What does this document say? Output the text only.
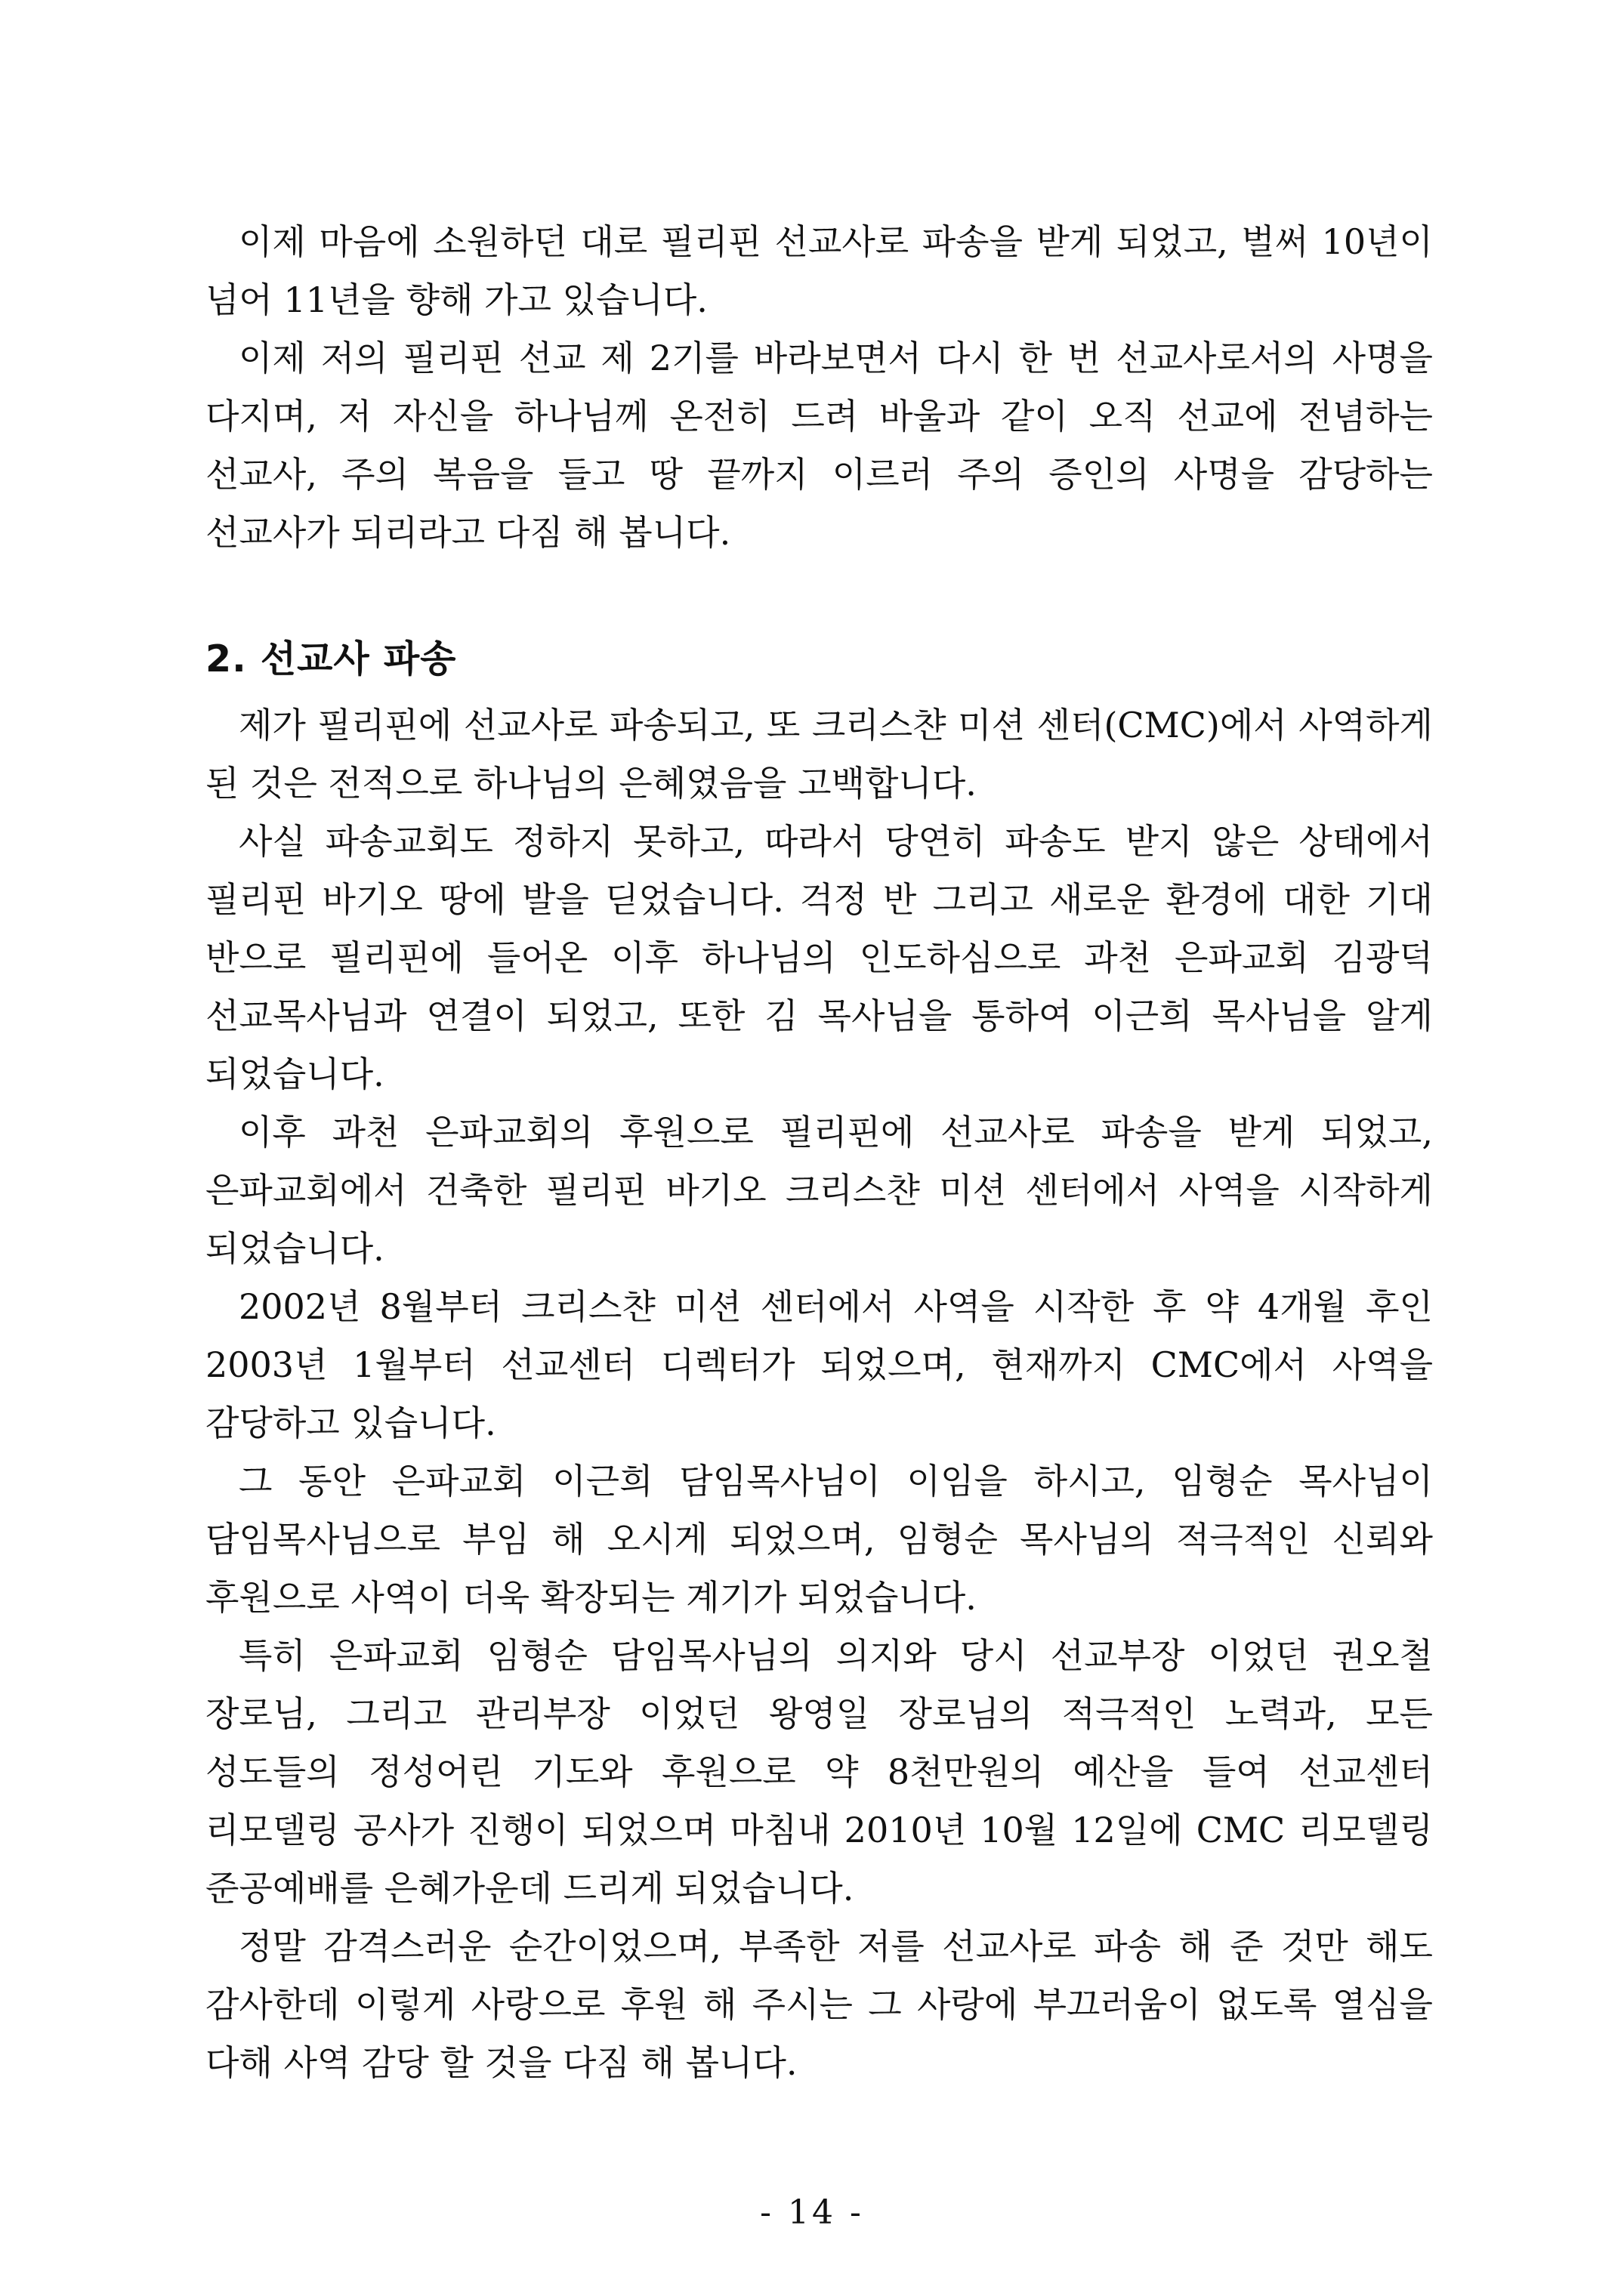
이제 마음에 소원하던 대로 필리핀 선교사로 파송을 받게 되었고, 벌써 10년이 넘어 11년을 향해 가고 있습니다.

이제 저의 필리핀 선교 제 2기를 바라보면서 다시 한 번 선교사로서의 사명을 다지며, 저 자신을 하나님께 온전히 드려 바울과 같이 오직 선교에 전념하는 선교사, 주의 복음을 들고 땅 끝까지 이르러 주의 증인의 사명을 감당하는 선교사가 되리라고 다짐 해 봅니다.

2. 선교사 파송

제가 필리핀에 선교사로 파송되고, 또 크리스챤 미션 센터(CMC)에서 사역하게 된 것은 전적으로 하나님의 은혜였음을 고백합니다.

사실 파송교회도 정하지 못하고, 따라서 당연히 파송도 받지 않은 상태에서 필리핀 바기오 땅에 발을 딛었습니다. 걱정 반 그리고 새로운 환경에 대한 기대 반으로 필리핀에 들어온 이후 하나님의 인도하심으로 과천 은파교회 김광덕 선교목사님과 연결이 되었고, 또한 김 목사님을 통하여 이근희 목사님을 알게 되었습니다.

이후 과천 은파교회의 후원으로 필리핀에 선교사로 파송을 받게 되었고, 은파교회에서 건축한 필리핀 바기오 크리스챤 미션 센터에서 사역을 시작하게 되었습니다.

2002년 8월부터 크리스챤 미션 센터에서 사역을 시작한 후 약 4개월 후인 2003년 1월부터 선교센터 디렉터가 되었으며, 현재까지 CMC에서 사역을 감당하고 있습니다.

그 동안 은파교회 이근희 담임목사님이 이임을 하시고, 임형순 목사님이 담임목사님으로 부임 해 오시게 되었으며, 임형순 목사님의 적극적인 신뢰와 후원으로 사역이 더욱 확장되는 계기가 되었습니다.

특히 은파교회 임형순 담임목사님의 의지와 당시 선교부장 이었던 권오철 장로님, 그리고 관리부장 이었던 왕영일 장로님의 적극적인 노력과, 모든 성도들의 정성어린 기도와 후원으로 약 8천만원의 예산을 들여 선교센터 리모델링 공사가 진행이 되었으며 마침내 2010년 10월 12일에 CMC 리모델링 준공예배를 은혜가운데 드리게 되었습니다.

정말 감격스러운 순간이었으며, 부족한 저를 선교사로 파송 해 준 것만 해도 감사한데 이렇게 사랑으로 후원 해 주시는 그 사랑에 부끄러움이 없도록 열심을 다해 사역 감당 할 것을 다짐 해 봅니다.

- 14 -
